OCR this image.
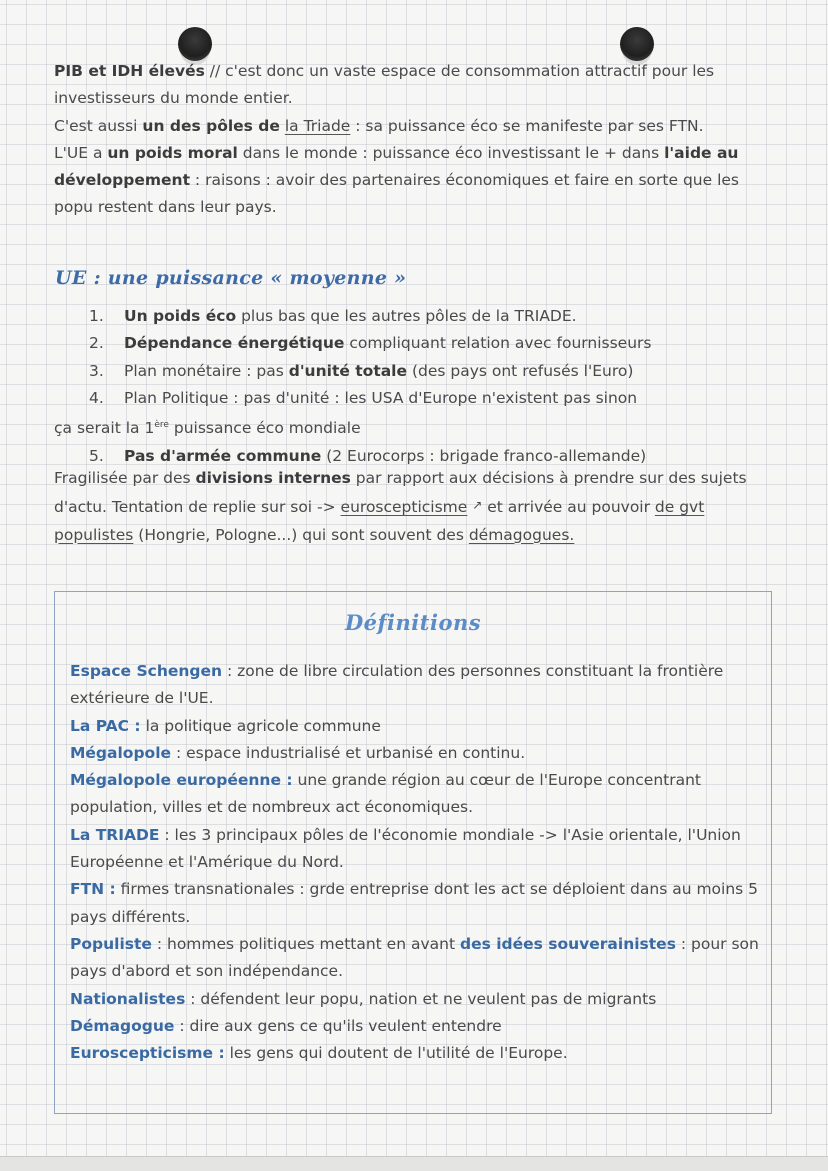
PIB et IDH élevés // c'est donc un vaste espace de consommation attractif pour les investisseurs du monde entier.

C'est aussi un des pôles de la Triade : sa puissance éco se manifeste par ses FTN.

L'UE a un poids moral dans le monde : puissance éco investissant le + dans l'aide au développement : raisons : avoir des partenaires économiques et faire en sorte que les popu restent dans leur pays.

UE : une puissance « moyenne »
1. Un poids éco plus bas que les autres pôles de la TRIADE.
2. Dépendance énergétique compliquant relation avec fournisseurs
3. Plan monétaire : pas d'unité totale (des pays ont refusés l'Euro)
4. Plan Politique : pas d'unité : les USA d'Europe n'existent pas sinon
ça serait la 1ère puissance éco mondiale
5. Pas d'armée commune (2 Eurocorps : brigade franco-allemande)
Fragilisée par des divisions internes par rapport aux décisions à prendre sur des sujets d'actu. Tentation de replie sur soi -> euroscepticisme ↗ et arrivée au pouvoir de gvt populistes (Hongrie, Pologne...) qui sont souvent des démagogues.
Définitions

Espace Schengen : zone de libre circulation des personnes constituant la frontière extérieure de l'UE.

La PAC : la politique agricole commune

Mégalopole : espace industrialisé et urbanisé en continu.

Mégalopole européenne : une grande région au cœur de l'Europe concentrant population, villes et de nombreux act économiques.

La TRIADE : les 3 principaux pôles de l'économie mondiale -> l'Asie orientale, l'Union Européenne et l'Amérique du Nord.

FTN : firmes transnationales : grde entreprise dont les act se déploient dans au moins 5 pays différents.

Populiste : hommes politiques mettant en avant des idées souverainistes : pour son pays d'abord et son indépendance.

Nationalistes : défendent leur popu, nation et ne veulent pas de migrants

Démagogue : dire aux gens ce qu'ils veulent entendre

Euroscepticisme : les gens qui doutent de l'utilité de l'Europe.
